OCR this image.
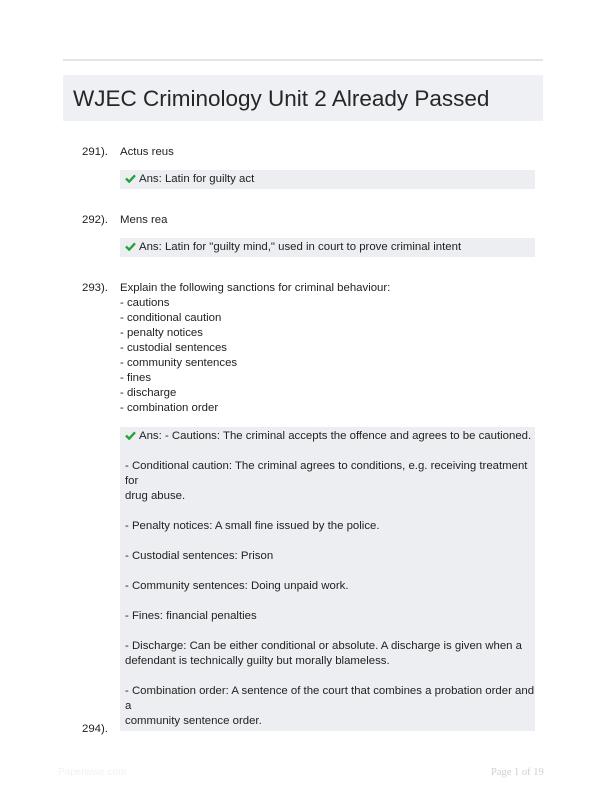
WJEC Criminology Unit 2 Already Passed
291). Actus reus
Ans: Latin for guilty act
292). Mens rea
Ans: Latin for "guilty mind," used in court to prove criminal intent
293). Explain the following sanctions for criminal behaviour:
- cautions
- conditional caution
- penalty notices
- custodial sentences
- community sentences
- fines
- discharge
- combination order
Ans: - Cautions: The criminal accepts the offence and agrees to be cautioned.
- Conditional caution: The criminal agrees to conditions, e.g. receiving treatment for
drug abuse.
- Penalty notices: A small fine issued by the police.
- Custodial sentences: Prison
- Community sentences: Doing unpaid work.
- Fines: financial penalties
- Discharge: Can be either conditional or absolute. A discharge is given when a
defendant is technically guilty but morally blameless.
- Combination order: A sentence of the court that combines a probation order and a
community sentence order.
294).
Paperwise.com	Page 1 of 19
